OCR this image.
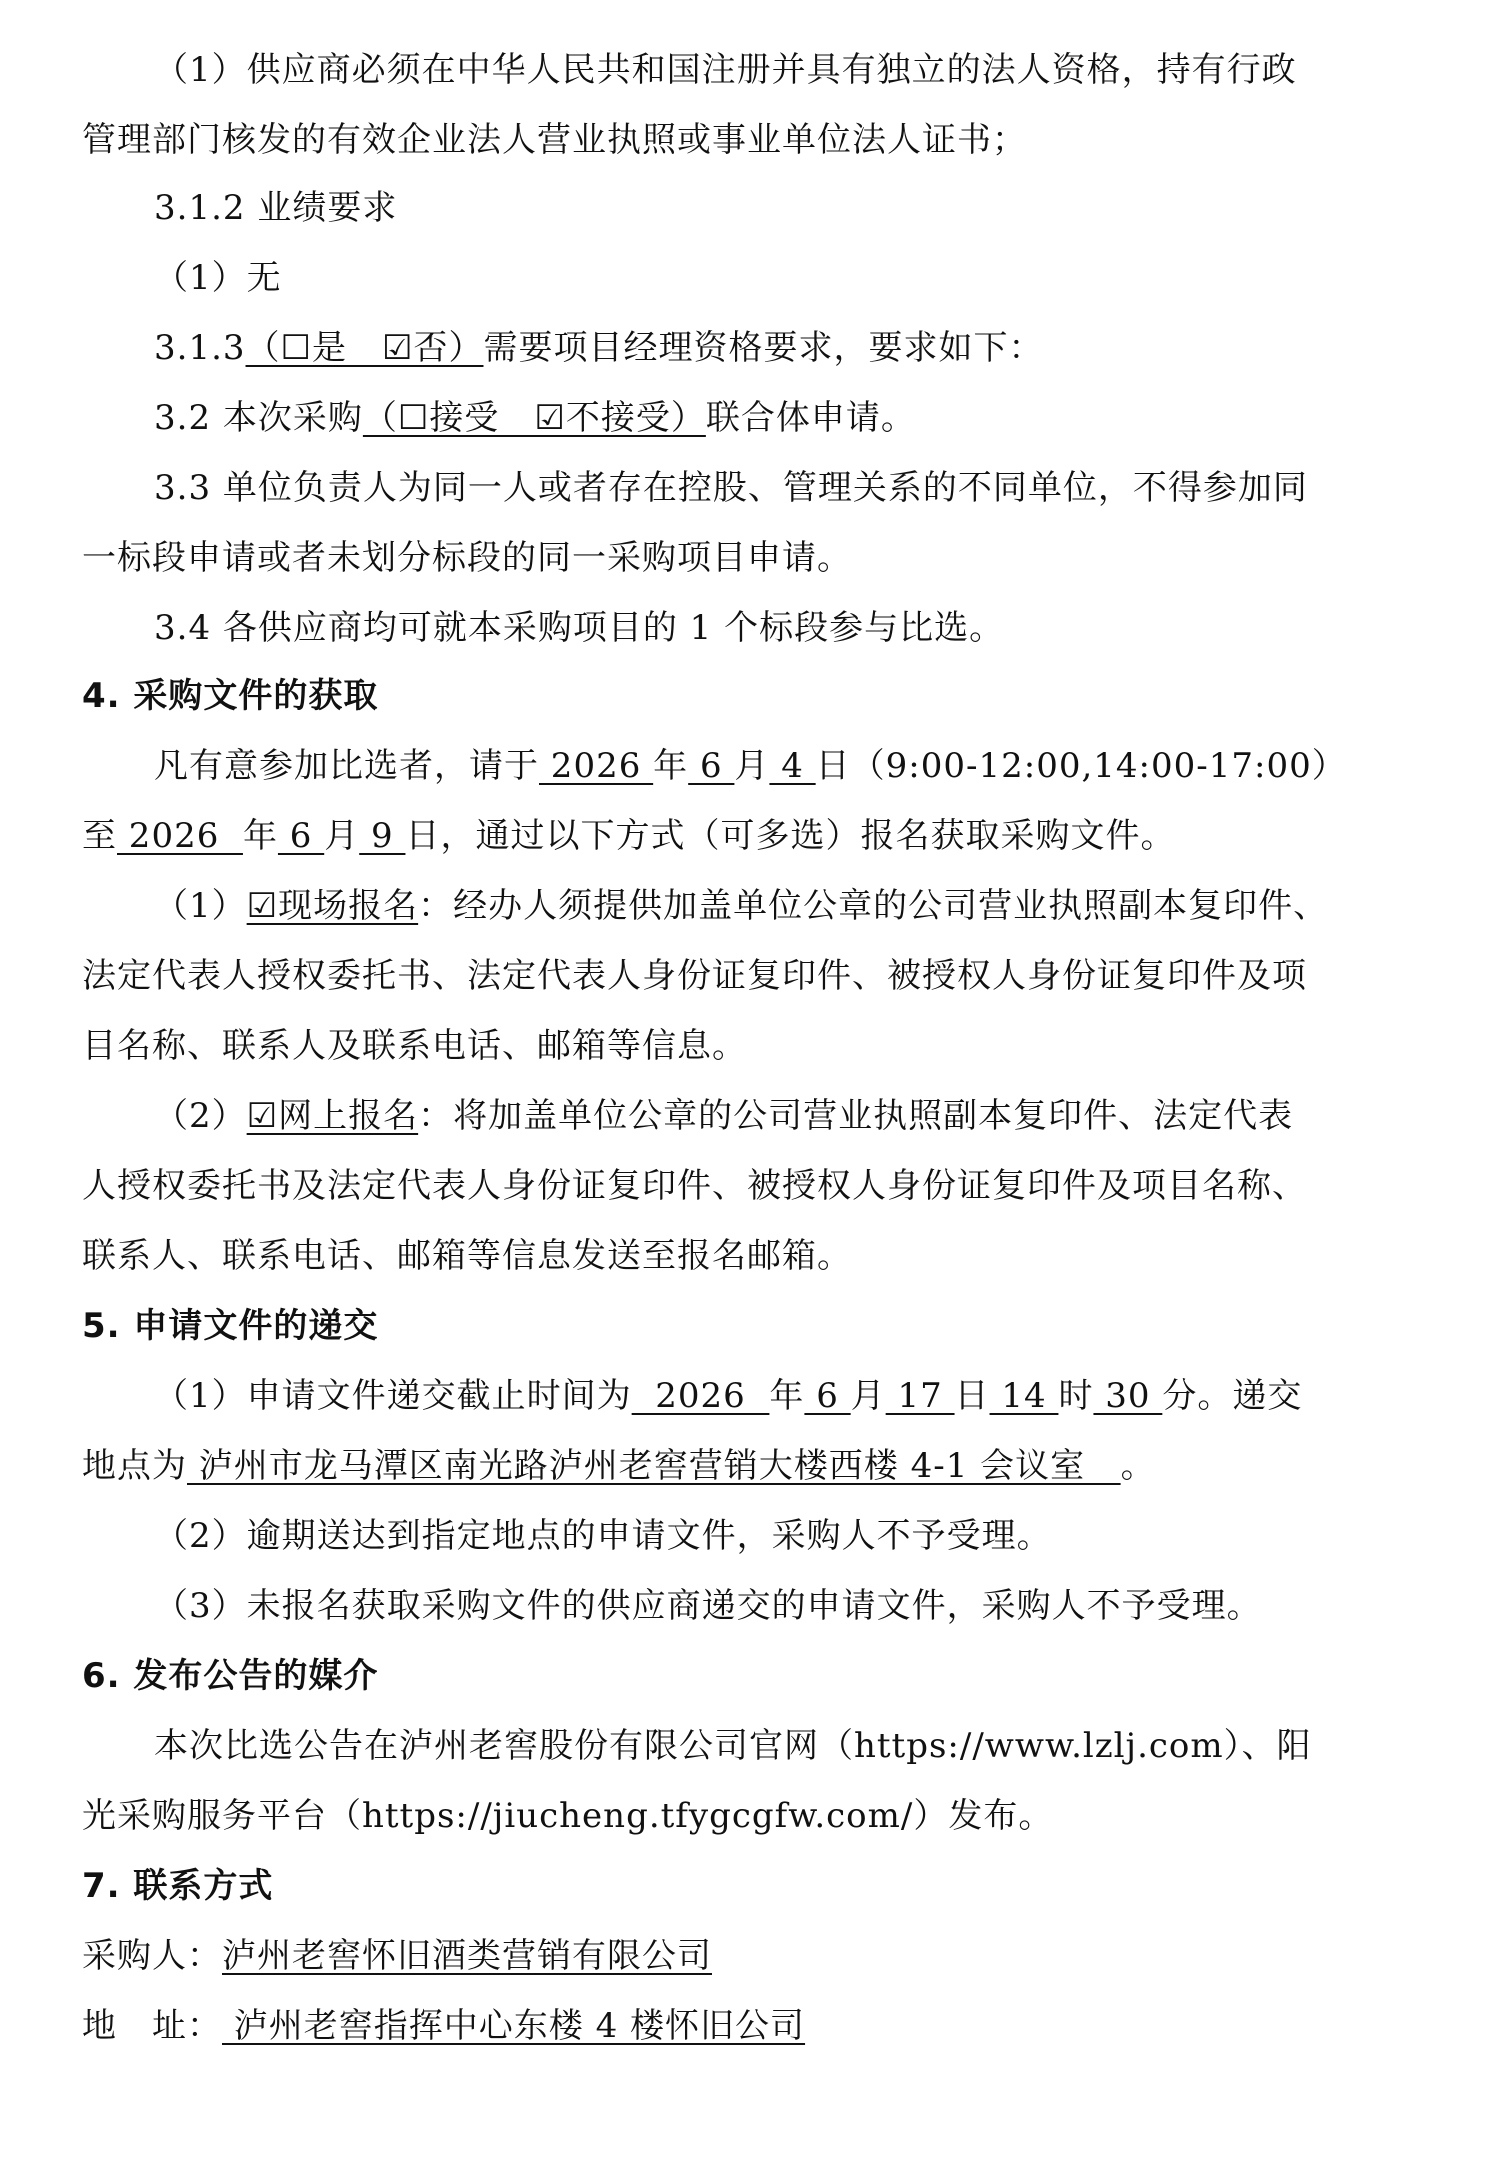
（1）供应商必须在中华人民共和国注册并具有独立的法人资格，持有行政
管理部门核发的有效企业法人营业执照或事业单位法人证书；
3.1.2 业绩要求
（1）无
3.1.3（☐是　☑否）需要项目经理资格要求，要求如下：
3.2 本次采购（☐接受　☑不接受）联合体申请。
3.3 单位负责人为同一人或者存在控股、管理关系的不同单位，不得参加同
一标段申请或者未划分标段的同一采购项目申请。
3.4 各供应商均可就本采购项目的 1 个标段参与比选。
4. 采购文件的获取
凡有意参加比选者，请于 2026 年 6 月 4 日（9:00-12:00,14:00-17:00）
至 2026  年 6 月 9 日，通过以下方式（可多选）报名获取采购文件。
（1）☑现场报名：经办人须提供加盖单位公章的公司营业执照副本复印件、
法定代表人授权委托书、法定代表人身份证复印件、被授权人身份证复印件及项
目名称、联系人及联系电话、邮箱等信息。
（2）☑网上报名：将加盖单位公章的公司营业执照副本复印件、法定代表
人授权委托书及法定代表人身份证复印件、被授权人身份证复印件及项目名称、
联系人、联系电话、邮箱等信息发送至报名邮箱。
5. 申请文件的递交
（1）申请文件递交截止时间为  2026  年 6 月 17 日 14 时 30 分。递交
地点为 泸州市龙马潭区南光路泸州老窖营销大楼西楼 4-1 会议室   。
（2）逾期送达到指定地点的申请文件，采购人不予受理。
（3）未报名获取采购文件的供应商递交的申请文件，采购人不予受理。
6. 发布公告的媒介
本次比选公告在泸州老窖股份有限公司官网（https://www.lzlj.com）、阳
光采购服务平台（https://jiucheng.tfygcgfw.com/）发布。
7. 联系方式
采购人：泸州老窖怀旧酒类营销有限公司
地　址： 泸州老窖指挥中心东楼 4 楼怀旧公司
